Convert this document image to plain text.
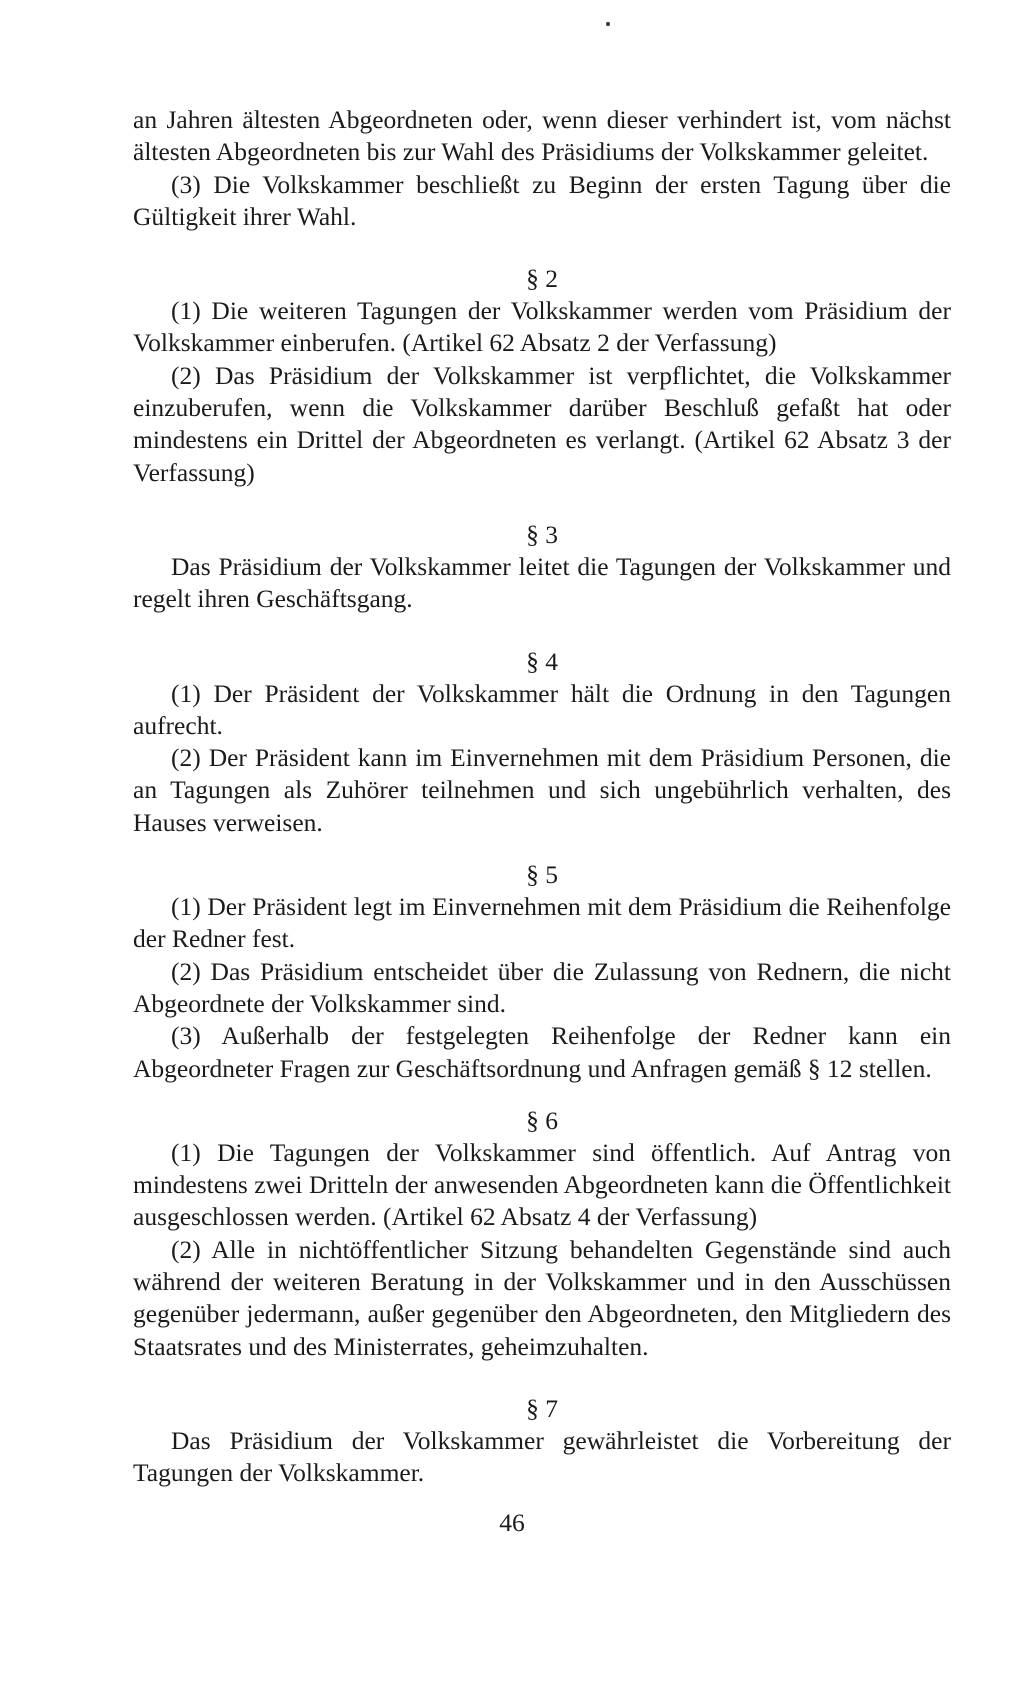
an Jahren ältesten Abgeordneten oder, wenn dieser verhindert ist, vom nächst ältesten Abgeordneten bis zur Wahl des Präsidiums der Volkskammer geleitet.

(3) Die Volkskammer beschließt zu Beginn der ersten Tagung über die Gültigkeit ihrer Wahl.

§ 2

(1) Die weiteren Tagungen der Volkskammer werden vom Präsidium der Volkskammer einberufen. (Artikel 62 Absatz 2 der Verfassung)

(2) Das Präsidium der Volkskammer ist verpflichtet, die Volkskammer einzuberufen, wenn die Volkskammer darüber Beschluß gefaßt hat oder mindestens ein Drittel der Abgeordneten es verlangt. (Artikel 62 Absatz 3 der Verfassung)

§ 3

Das Präsidium der Volkskammer leitet die Tagungen der Volkskammer und regelt ihren Geschäftsgang.

§ 4

(1) Der Präsident der Volkskammer hält die Ordnung in den Tagungen aufrecht.

(2) Der Präsident kann im Einvernehmen mit dem Präsidium Personen, die an Tagungen als Zuhörer teilnehmen und sich ungebührlich verhalten, des Hauses verweisen.

§ 5

(1) Der Präsident legt im Einvernehmen mit dem Präsidium die Reihenfolge der Redner fest.

(2) Das Präsidium entscheidet über die Zulassung von Rednern, die nicht Abgeordnete der Volkskammer sind.

(3) Außerhalb der festgelegten Reihenfolge der Redner kann ein Abgeordneter Fragen zur Geschäftsordnung und Anfragen gemäß § 12 stellen.

§ 6

(1) Die Tagungen der Volkskammer sind öffentlich. Auf Antrag von mindestens zwei Dritteln der anwesenden Abgeordneten kann die Öffentlichkeit ausgeschlossen werden. (Artikel 62 Absatz 4 der Verfassung)

(2) Alle in nichtöffentlicher Sitzung behandelten Gegenstände sind auch während der weiteren Beratung in der Volkskammer und in den Ausschüssen gegenüber jedermann, außer gegenüber den Abgeordneten, den Mitgliedern des Staatsrates und des Ministerrates, geheimzuhalten.

§ 7

Das Präsidium der Volkskammer gewährleistet die Vorbereitung der Tagungen der Volkskammer.

46
